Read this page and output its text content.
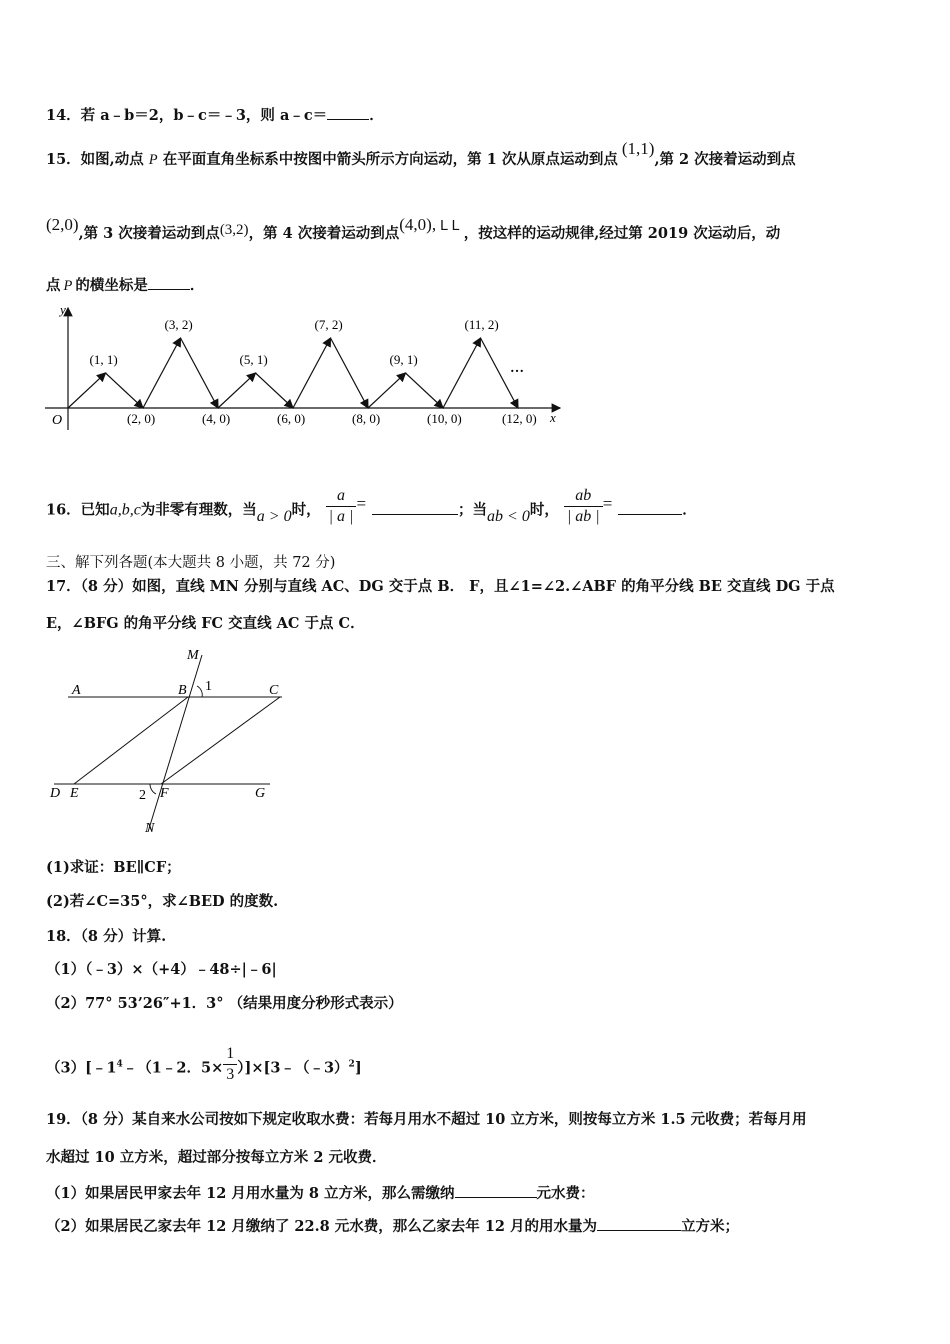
14．若 a﹣b＝2，b﹣c＝﹣3，则 a﹣c＝	．
15．如图,动点 P 在平面直角坐标系中按图中箭头所示方向运动，第 1 次从原点运动到点(1,1),第 2 次接着运动到点
(2,0),第 3 次接着运动到点(3,2)，第 4 次接着运动到点(4,0), L L ，按这样的运动规律,经过第 2019 次运动后，动
点 P 的横坐标是	．
y
x
O
(1, 1)
(3, 2)
(5, 1)
(7, 2)
(9, 1)
(11, 2)
(2, 0)	(4, 0)	(6, 0)	(8, 0)	(10, 0)	(12, 0)
…
16．已知a,b,c为非零有理数，当a > 0时， $\frac{a}{| a |}$ =	；当ab < 0时， $\frac{ab}{| ab |}$ =	．
三、解下列各题(本大题共 8 小题，共 72 分)
17．（8 分）如图，直线 MN 分别与直线 AC、DG 交于点 B． F，且∠1=∠2.∠ABF 的角平分线 BE 交直线 DG 于点
E，∠BFG 的角平分线 FC 交直线 AC 于点 C．
M
A	B 1	C
D E	2 F	G
N
(1)求证：BE∥CF；
(2)若∠C=35°，求∠BED 的度数.
18．（8 分）计算.
（1）（﹣3）×（+4）﹣48÷|﹣6|
（2）77° 53’26″+1．3° （结果用度分秒形式表示）
$(3)[﹣1^4﹣(1﹣2$．$5\times \frac{1}{3}$ ）]×[3﹣（﹣3）$^2$]
19．（8 分）某自来水公司按如下规定收取水费：若每月用水不超过 10 立方米，则按每立方米 1.5 元收费；若每月用
水超过 10 立方米，超过部分按每立方米 2 元收费．
（1）如果居民甲家去年 12 月用水量为 8 立方米，那么需缴纳	元水费：
（2）如果居民乙家去年 12 月缴纳了 22.8 元水费，那么乙家去年 12 月的用水量为	立方米；
